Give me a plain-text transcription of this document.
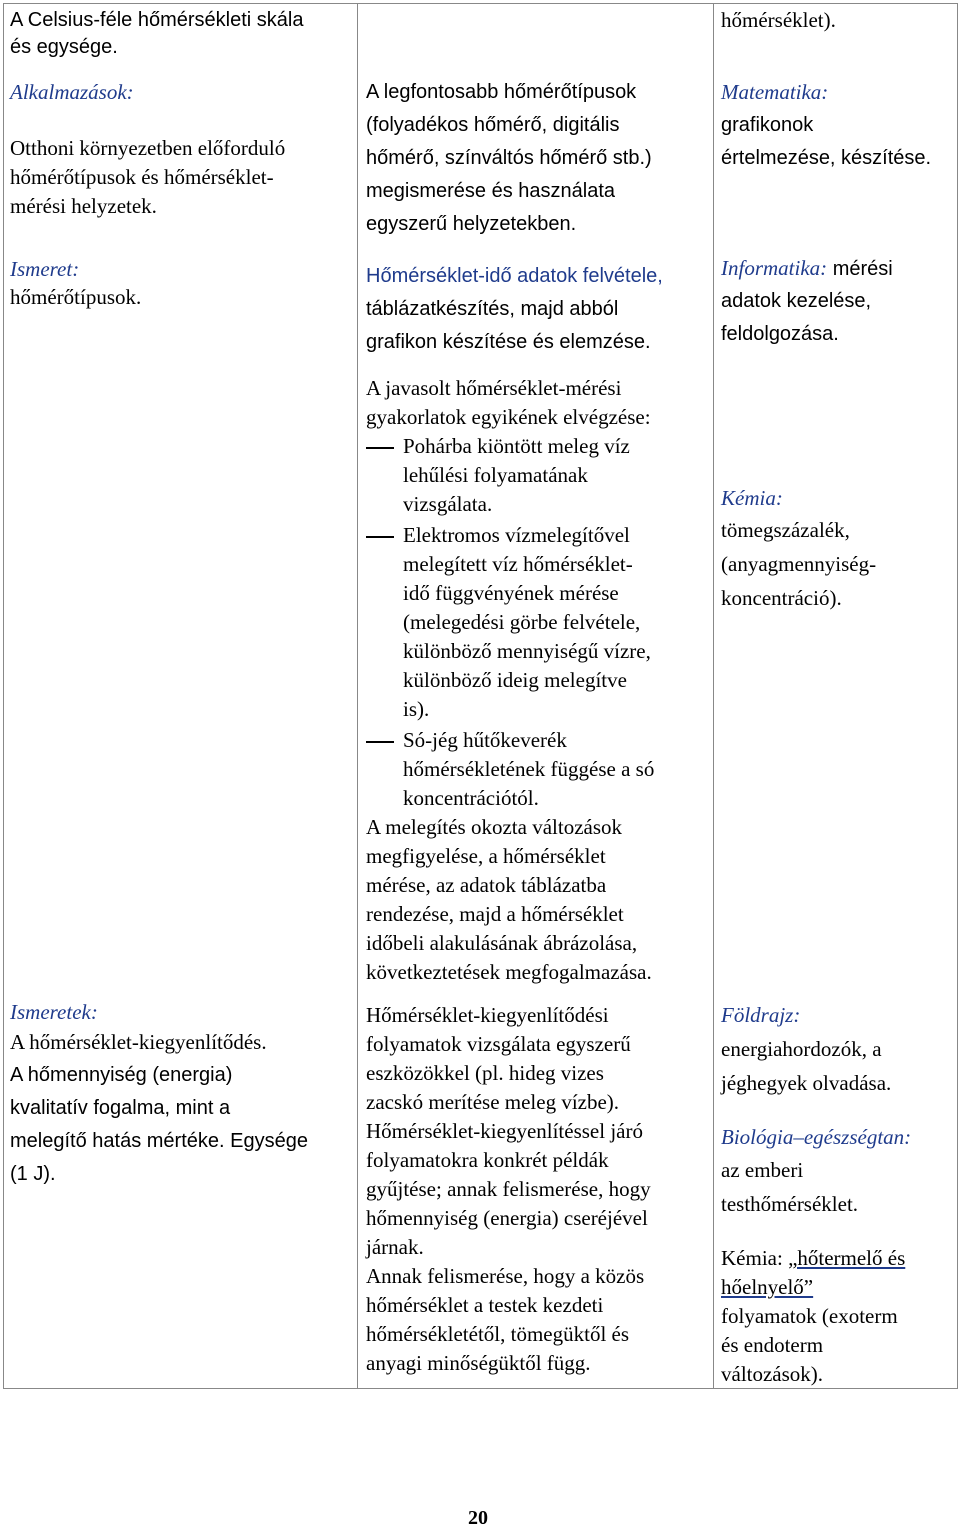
A Celsius-féle hőmérsékleti skála
és egysége.
Alkalmazások:
Otthoni környezetben előforduló
hőmérőtípusok és hőmérséklet-
mérési helyzetek.
Ismeret:
hőmérőtípusok.
Ismeretek:
A hőmérséklet-kiegyenlítődés.
A hőmennyiség (energia)
kvalitatív fogalma, mint a
melegítő hatás mértéke. Egysége
(1 J).
A legfontosabb hőmérőtípusok
(folyadékos hőmérő, digitális
hőmérő, színváltós hőmérő stb.)
megismerése és használata
egyszerű helyzetekben.
Hőmérséklet-idő adatok felvétele,
táblázatkészítés, majd abból
grafikon készítése és elemzése.
A javasolt hőmérséklet-mérési
gyakorlatok egyikének elvégzése:
Pohárba kiöntött meleg víz
lehűlési folyamatának
vizsgálata.
Elektromos vízmelegítővel
melegített víz hőmérséklet-
idő függvényének mérése
(melegedési görbe felvétele,
különböző mennyiségű vízre,
különböző ideig melegítve
is).
Só-jég hűtőkeverék
hőmérsékletének függése a só
koncentrációtól.
A melegítés okozta változások
megfigyelése, a hőmérséklet
mérése, az adatok táblázatba
rendezése, majd a hőmérséklet
időbeli alakulásának ábrázolása,
következtetések megfogalmazása.
Hőmérséklet-kiegyenlítődési
folyamatok vizsgálata egyszerű
eszközökkel (pl. hideg vizes
zacskó merítése meleg vízbe).
Hőmérséklet-kiegyenlítéssel járó
folyamatokra konkrét példák
gyűjtése; annak felismerése, hogy
hőmennyiség (energia) cseréjével
járnak.
Annak felismerése, hogy a közös
hőmérséklet a testek kezdeti
hőmérsékletétől, tömegüktől és
anyagi minőségüktől függ.
hőmérséklet).
Matematika:
grafikonok
értelmezése, készítése.
Informatika: mérési
adatok kezelése,
feldolgozása.
Kémia:
tömegszázalék,
(anyagmennyiség-
koncentráció).
Földrajz:
energiahordozók, a
jéghegyek olvadása.
Biológia–egészségtan:
az emberi
testhőmérséklet.
Kémia: „hőtermelő és
hőelnyelő”
folyamatok (exoterm
és endoterm
változások).
20
